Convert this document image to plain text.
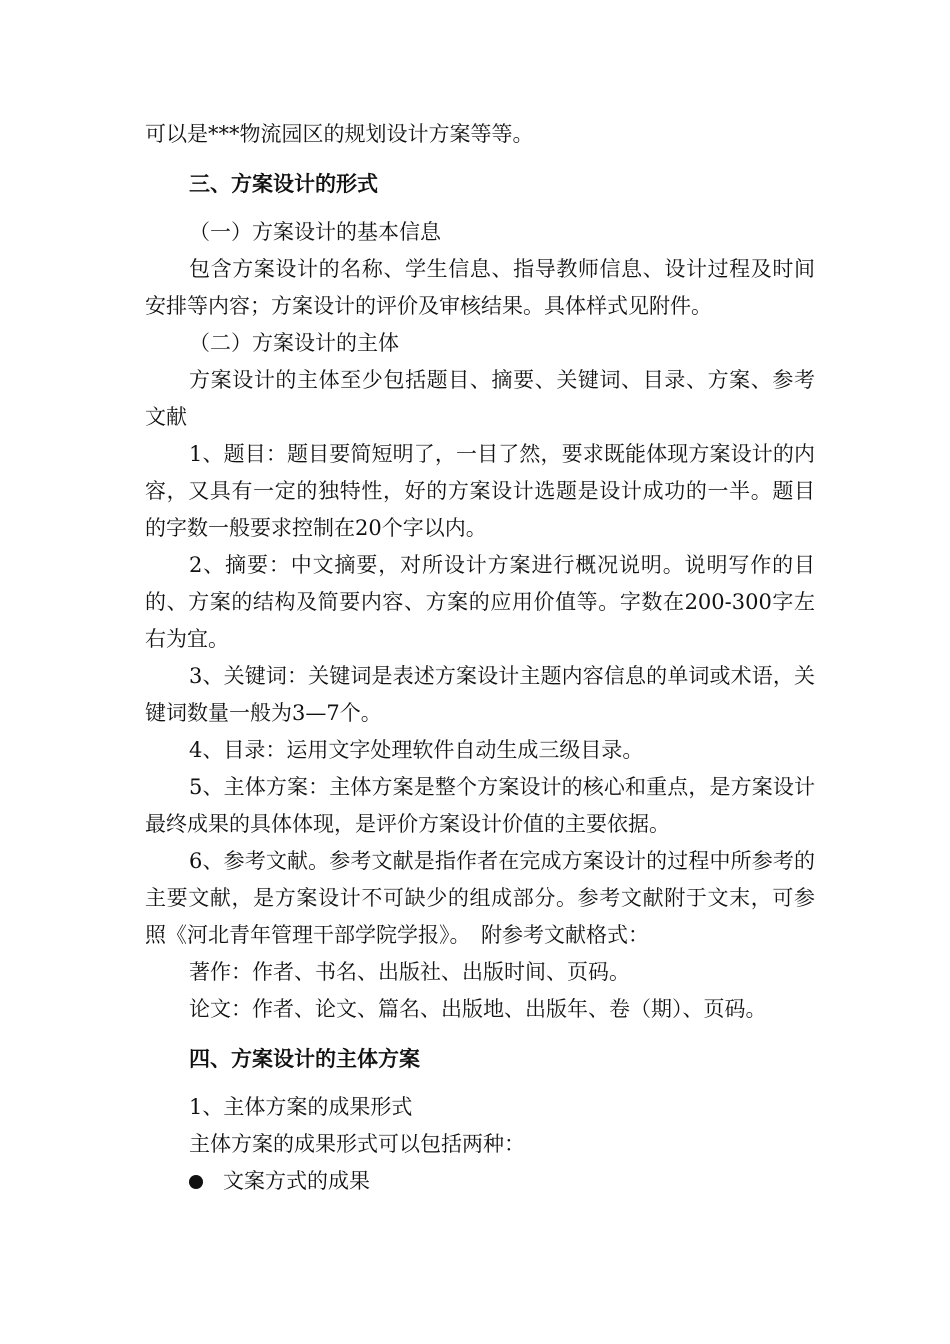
可以是***物流园区的规划设计方案等等。

三、方案设计的形式

（一）方案设计的基本信息

包含方案设计的名称、学生信息、指导教师信息、设计过程及时间安排等内容；方案设计的评价及审核结果。具体样式见附件。

（二）方案设计的主体

方案设计的主体至少包括题目、摘要、关键词、目录、方案、参考文献

1、题目：题目要简短明了，一目了然，要求既能体现方案设计的内容，又具有一定的独特性，好的方案设计选题是设计成功的一半。题目的字数一般要求控制在20个字以内。

2、摘要：中文摘要，对所设计方案进行概况说明。说明写作的目的、方案的结构及简要内容、方案的应用价值等。字数在200-300字左右为宜。

3、关键词：关键词是表述方案设计主题内容信息的单词或术语，关键词数量一般为3—7个。

4、目录：运用文字处理软件自动生成三级目录。

5、主体方案：主体方案是整个方案设计的核心和重点，是方案设计最终成果的具体体现，是评价方案设计价值的主要依据。

6、参考文献。参考文献是指作者在完成方案设计的过程中所参考的主要文献，是方案设计不可缺少的组成部分。参考文献附于文末，可参照《河北青年管理干部学院学报》。　附参考文献格式：

著作：作者、书名、出版社、出版时间、页码。

论文：作者、论文、篇名、出版地、出版年、卷（期）、页码。

四、方案设计的主体方案

1、主体方案的成果形式

主体方案的成果形式可以包括两种：

文案方式的成果
